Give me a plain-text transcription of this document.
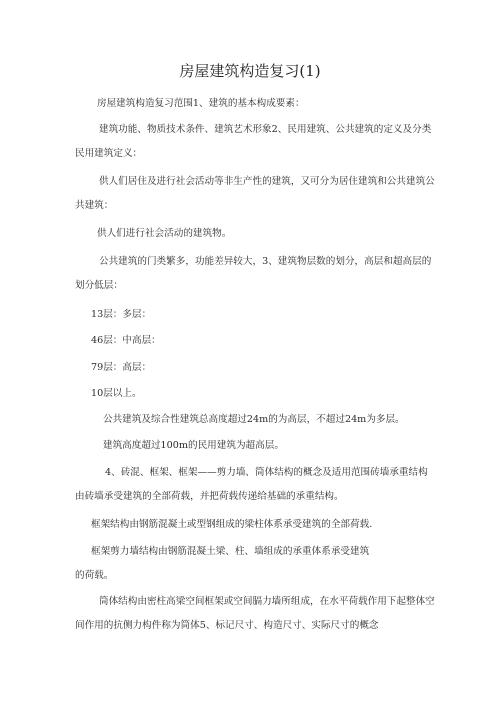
房屋建筑构造复习(1)
房屋建筑构造复习范围1、建筑的基本构成要素：
建筑功能、物质技术条件、建筑艺术形象2、民用建筑、公共建筑的定义及分类民用建筑定义：
供人们居住及进行社会活动等非生产性的建筑，又可分为居住建筑和公共建筑公共建筑：
供人们进行社会活动的建筑物。
公共建筑的门类繁多，功能差异较大，3、建筑物层数的划分，高层和超高层的划分低层：
13层：多层：
46层：中高层：
79层：高层：
10层以上。
公共建筑及综合性建筑总高度超过24m的为高层，不超过24m为多层。
建筑高度超过100m的民用建筑为超高层。
4、砖混、框架、框架——剪力墙、筒体结构的概念及适用范围砖墙承重结构由砖墙承受建筑的全部荷载，并把荷载传递给基础的承重结构。
框架结构由钢筋混凝土或型钢组成的梁柱体系承受建筑的全部荷载.
框架剪力墙结构由钢筋混凝土梁、柱、墙组成的承重体系承受建筑的荷载。
筒体结构由密柱高梁空间框架或空间膈力墙所组成，在水平荷载作用下起整体空间作用的抗侧力构件称为筒体5、标记尺寸、构造尺寸、实际尺寸的概念
